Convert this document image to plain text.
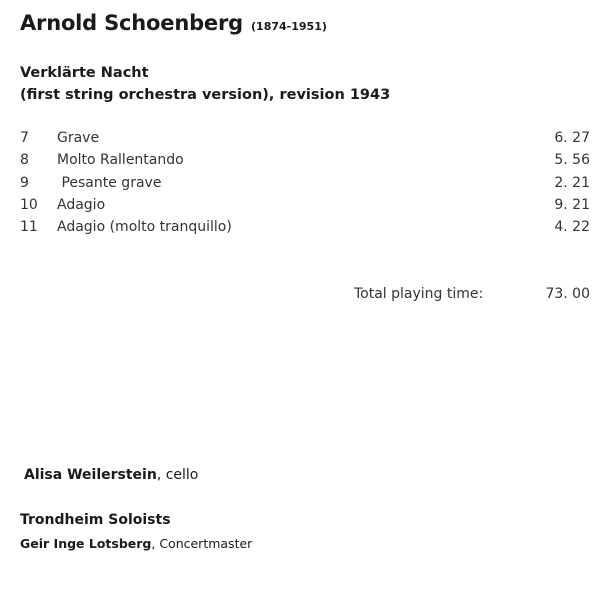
Arnold Schoenberg (1874-1951)
Verklärte Nacht
(first string orchestra version), revision 1943
7 Grave	6. 27
8 Molto Rallentando	5. 56
9 Pesante grave	2. 21
10 Adagio	9. 21
11 Adagio (molto tranquillo)	4. 22
Total playing time:	73. 00
Alisa Weilerstein, cello
Trondheim Soloists
Geir Inge Lotsberg, Concertmaster
